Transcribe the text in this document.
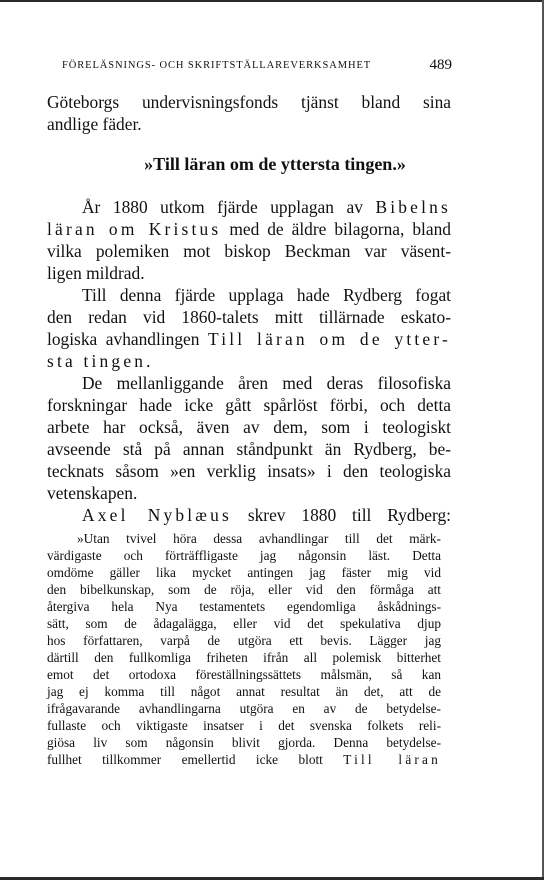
FÖRELÄSNINGS- OCH SKRIFTSTÄLLAREVERKSAMHET	489
Göteborgs undervisningsfonds tjänst bland sina
andlige fäder.
»Till läran om de yttersta tingen.»
År 1880 utkom fjärde upplagan av Bibelns
läran om Kristus med de äldre bilagorna, bland
vilka polemiken mot biskop Beckman var väsent-
ligen mildrad.
Till denna fjärde upplaga hade Rydberg fogat
den redan vid 1860-talets mitt tillärnade eskato-
logiska avhandlingen Till läran om de ytter-
sta tingen.
De mellanliggande åren med deras filosofiska
forskningar hade icke gått spårlöst förbi, och detta
arbete har också, även av dem, som i teologiskt
avseende stå på annan ståndpunkt än Rydberg, be-
tecknats såsom »en verklig insats» i den teologiska
vetenskapen.
Axel Nyblæus skrev 1880 till Rydberg:
»Utan tvivel höra dessa avhandlingar till det märk-
värdigaste och förträffligaste jag någonsin läst. Detta
omdöme gäller lika mycket antingen jag fäster mig vid
den bibelkunskap, som de röja, eller vid den förmåga att
återgiva hela Nya testamentets egendomliga åskådnings-
sätt, som de ådagalägga, eller vid det spekulativa djup
hos författaren, varpå de utgöra ett bevis. Lägger jag
därtill den fullkomliga friheten ifrån all polemisk bitterhet
emot det ortodoxa föreställningssättets målsmän, så kan
jag ej komma till något annat resultat än det, att de
ifrågavarande avhandlingarna utgöra en av de betydelse-
fullaste och viktigaste insatser i det svenska folkets reli-
giösa liv som någonsin blivit gjorda. Denna betydelse-
fullhet tillkommer emellertid icke blott Till läran
